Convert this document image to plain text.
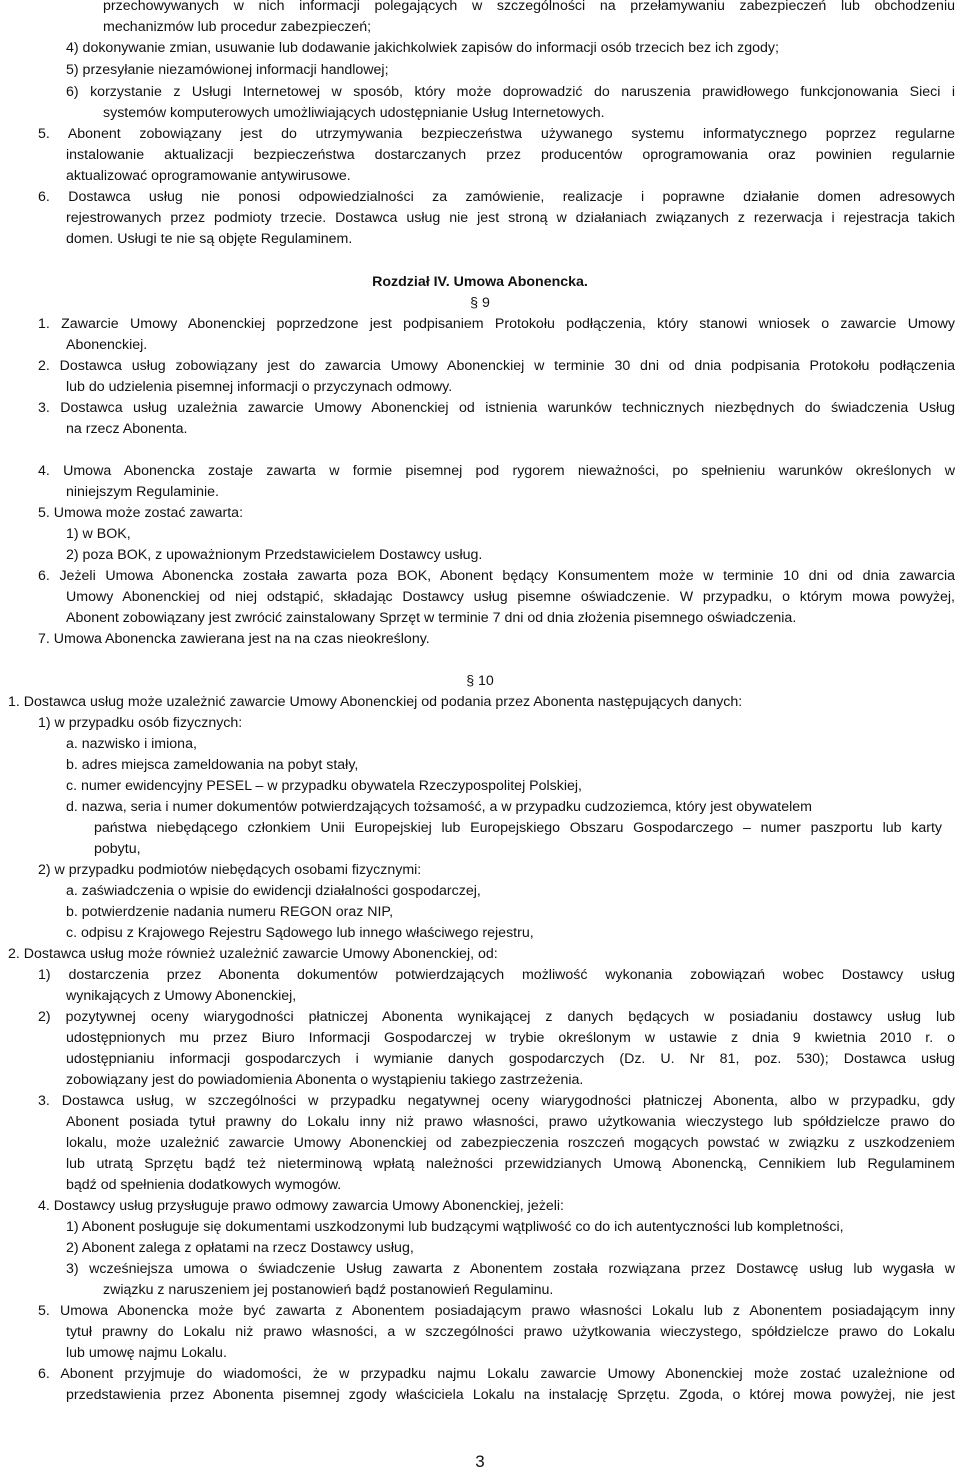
przechowywanych w nich informacji polegających w szczególności na przełamywaniu zabezpieczeń lub obchodzeniu
mechanizmów lub procedur zabezpieczeń;
4) dokonywanie zmian, usuwanie lub dodawanie jakichkolwiek zapisów do informacji osób trzecich bez ich zgody;
5) przesyłanie niezamówionej informacji handlowej;
6) korzystanie z Usługi Internetowej w sposób, który może doprowadzić do naruszenia prawidłowego funkcjonowania Sieci i
systemów komputerowych umożliwiających udostępnianie Usług Internetowych.
5. Abonent zobowiązany jest do utrzymywania bezpieczeństwa używanego systemu informatycznego poprzez regularne
instalowanie aktualizacji bezpieczeństwa dostarczanych przez producentów oprogramowania oraz powinien regularnie
aktualizować oprogramowanie antywirusowe.
6. Dostawca usług nie ponosi odpowiedzialności za zamówienie, realizacje i poprawne działanie domen adresowych
rejestrowanych przez podmioty trzecie. Dostawca usług nie jest stroną w działaniach związanych z rezerwacja i rejestracja takich
domen. Usługi te nie są objęte Regulaminem.
Rozdział IV. Umowa Abonencka.
§ 9
1. Zawarcie Umowy Abonenckiej poprzedzone jest podpisaniem Protokołu podłączenia, który stanowi wniosek o zawarcie Umowy
Abonenckiej.
2. Dostawca usług zobowiązany jest do zawarcia Umowy Abonenckiej w terminie 30 dni od dnia podpisania Protokołu podłączenia
lub do udzielenia pisemnej informacji o przyczynach odmowy.
3. Dostawca usług uzależnia zawarcie Umowy Abonenckiej od istnienia warunków technicznych niezbędnych do świadczenia Usług
na rzecz Abonenta.
4. Umowa Abonencka zostaje zawarta w formie pisemnej pod rygorem nieważności, po spełnieniu warunków określonych w
niniejszym Regulaminie.
5. Umowa może zostać zawarta:
1) w BOK,
2) poza BOK, z upoważnionym Przedstawicielem Dostawcy usług.
6. Jeżeli Umowa Abonencka została zawarta poza BOK, Abonent będący Konsumentem może w terminie 10 dni od dnia zawarcia
Umowy Abonenckiej od niej odstąpić, składając Dostawcy usług pisemne oświadczenie. W przypadku, o którym mowa powyżej,
Abonent zobowiązany jest zwrócić zainstalowany Sprzęt w terminie 7 dni od dnia złożenia pisemnego oświadczenia.
7. Umowa Abonencka zawierana jest na na czas nieokreślony.
§ 10
1. Dostawca usług może uzależnić zawarcie Umowy Abonenckiej od podania przez Abonenta następujących danych:
1) w przypadku osób fizycznych:
a. nazwisko i imiona,
b. adres miejsca zameldowania na pobyt stały,
c. numer ewidencyjny PESEL – w przypadku obywatela Rzeczypospolitej Polskiej,
d. nazwa, seria i numer dokumentów potwierdzających tożsamość, a w przypadku cudzoziemca, który jest obywatelem
państwa niebędącego członkiem Unii Europejskiej lub Europejskiego Obszaru Gospodarczego – numer paszportu lub karty
pobytu,
2) w przypadku podmiotów niebędących osobami fizycznymi:
a. zaświadczenia o wpisie do ewidencji działalności gospodarczej,
b. potwierdzenie nadania numeru REGON oraz NIP,
c. odpisu z Krajowego Rejestru Sądowego lub innego właściwego rejestru,
2. Dostawca usług może również uzależnić zawarcie Umowy Abonenckiej, od:
1) dostarczenia przez Abonenta dokumentów potwierdzających możliwość wykonania zobowiązań wobec Dostawcy usług
wynikających z Umowy Abonenckiej,
2) pozytywnej oceny wiarygodności płatniczej Abonenta wynikającej z danych będących w posiadaniu dostawcy usług lub
udostępnionych mu przez Biuro Informacji Gospodarczej w trybie określonym w ustawie z dnia 9 kwietnia 2010 r. o
udostępnianiu informacji gospodarczych i wymianie danych gospodarczych (Dz. U. Nr 81, poz. 530); Dostawca usług
zobowiązany jest do powiadomienia Abonenta o wystąpieniu takiego zastrzeżenia.
3. Dostawca usług, w szczególności w przypadku negatywnej oceny wiarygodności płatniczej Abonenta, albo w przypadku, gdy
Abonent posiada tytuł prawny do Lokalu inny niż prawo własności, prawo użytkowania wieczystego lub spółdzielcze prawo do
lokalu, może uzależnić zawarcie Umowy Abonenckiej od zabezpieczenia roszczeń mogących powstać w związku z uszkodzeniem
lub utratą Sprzętu bądź też nieterminową wpłatą należności przewidzianych Umową Abonencką, Cennikiem lub Regulaminem
bądź od spełnienia dodatkowych wymogów.
4. Dostawcy usług przysługuje prawo odmowy zawarcia Umowy Abonenckiej, jeżeli:
1) Abonent posługuje się dokumentami uszkodzonymi lub budzącymi wątpliwość co do ich autentyczności lub kompletności,
2) Abonent zalega z opłatami na rzecz Dostawcy usług,
3) wcześniejsza umowa o świadczenie Usług zawarta z Abonentem została rozwiązana przez Dostawcę usług lub wygasła w
związku z naruszeniem jej postanowień bądź postanowień Regulaminu.
5. Umowa Abonencka może być zawarta z Abonentem posiadającym prawo własności Lokalu lub z Abonentem posiadającym inny
tytuł prawny do Lokalu niż prawo własności, a w szczególności prawo użytkowania wieczystego, spółdzielcze prawo do Lokalu
lub umowę najmu Lokalu.
6. Abonent przyjmuje do wiadomości, że w przypadku najmu Lokalu zawarcie Umowy Abonenckiej może zostać uzależnione od
przedstawienia przez Abonenta pisemnej zgody właściciela Lokalu na instalację Sprzętu. Zgoda, o której mowa powyżej, nie jest
3
